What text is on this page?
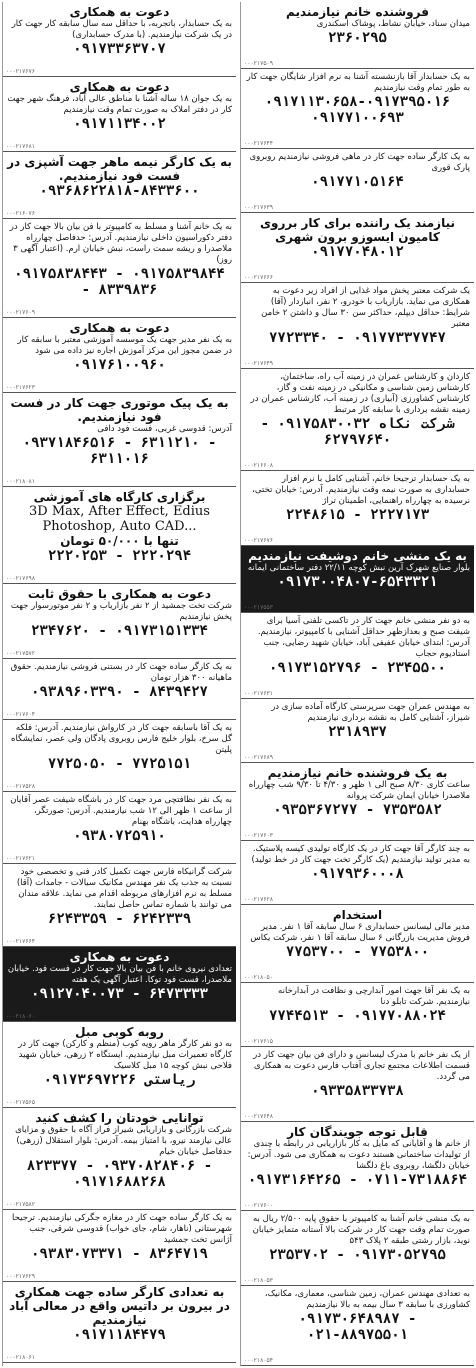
فروشنده خانم نیازمندیم
میدان سناد، خیابان نشاط، پوشاک اسکندری
۲۳۶۰۲۹۵
۰۰۰۲۱۷۵۰۹
به یک حسابدار آقا بازنشسته آشنا به نرم افزار شایگان جهت کار به طور تمام وقت نیازمندیم
۰۹۱۷۱۱۳۰۶۵۸-۰۹۱۷۳۹۵۰۱۶ ۰۹۱۷۷۱۰۰۶۹۳
۰۰۰۲۱۷۶۴۴
به یک کارگر ساده جهت کار در ماهی فروشی نیازمندیم روبروی پارک قوری
۰۹۱۷۷۱۰۵۱۶۴
۰۰۰۲۱۷۶۳۹
نیازمند یک راننده برای کار برروی کامیون ایسوزو برون شهری
۰۹۱۷۷۰۴۸۰۱۲
۰۰۰۲۱۷۶۶۶
یک شرکت معتبر پخش مواد غذایی از افراد زیر دعوت به همکاری می نماید. بازاریاب با خودرو، ۲ نفر، انباردار (آقا) شرایط: حداقل دیپلم، حداکثر سن ۳۰ سال و داشتن ۲ خامن معتبر
۷۷۲۳۳۴۰ - ۰۹۱۷۷۳۳۷۷۴۷
۰۰۰۲۱۷۶۴۹
کاردان و کارشناس عمران در زمینه آب راه، ساختمان، کارشناس زمین شناسی و مکانیکی در زمینه نفت و گاز، کارشناس کشاورزی (آبیاری) در زمینه آب، کارشناس عمران در زمینه نقشه برداری با سابقه کار مرتبط
شرکت نکاه ۰۹۱۷۵۸۳۰۰۳۲ - ۶۲۷۹۷۶۴۰
۰۰۰۲۱۶۶۰۸
به یک حسابدار ترجیحا خانم، آشنایی کامل با نرم افزار حسابداری به صورت نیمه وقت نیازمندیم. آدرس: خیابان تختی، نرسیده به چهارراه راهنمایی، اطمینان تراژ
۲۲۴۸۶۱۵ - ۲۲۲۷۱۷۳
۰۰۰۲۱۷۶۷۶
به یک منشی خانم دوشیفت نیازمندیم
بلوار صنایع شهرک آرین نبش کوچه ۲۲/۱۱ دفتر ساختمانی ایمانه
۰۹۱۷۳۰۰۴۸۰۷-۶۵۴۳۳۲۱
۰۰۰۲۱۷۵۵۳
به دو نفر منشی خانم جهت کار در تاکسی تلفنی آسیا برای شیفت صبح و بعدازظهر حداقل آشنایی با کامپیوتر، نیازمندیم. آدرس: ابتدای خیابان عفیفی آباد، خیابان شهید رضایی، جنب استادیوم حجاب
۰۹۱۷۳۱۵۲۷۹۶ - ۲۳۴۵۵۰۰
۰۰۰۲۱۷۶۳۱
به مهندس عمران جهت سرپرستی کارگاه آماده سازی در شیراز، آشنایی کامل به نقشه برداری نیازمندیم
۲۳۱۸۹۳۷
۰۰۰۲۱۷۶۸۹
به یک فروشنده خانم نیازمندیم
ساعت کاری ۸/۳۰ صبح الی ۱ ظهر و ۴/۳۰ تا ۹/۳۰ شب چهارراه ملاصدرا خیابان ایمان شرکت پروانه
۰۹۳۵۳۶۷۲۷۷ - ۷۳۵۳۵۸۲
۰۰۰۲۱۷۶۰۳
به چند کارگر آقا جهت کار در یک کارگاه تولیدی کیسه پلاستیک. به مدیر تولید نیازمندیم (یک کارگر تخت جهت کار در خط تولید)
۰۹۱۷۹۳۶۰۰۰۸
۰۰۰۲۱۷۶۲۸
استخدام
مدیر مالی لیسانس حسابداری ۶ سال سابقه آقا ۱ نفر. مدیر فروش مدیریت بازرگانی ۶ سال سابقه آقا ۱ نفر، شرکت یکاس
۷۷۵۳۷۰۰ - ۷۷۵۳۸۰۰
۰۰۰۲۱۸۰۵۰
به یک نفر آقا جهت امور آبدارچی و نظافت در آبدارخانه نیازمندیم. شرکت تابلو دنا
۷۷۴۴۵۱۳ - ۰۹۱۷۷۰۸۸۰۲۴
۰۰۰۲۱۷۶۱۵
از یک نفر خانم با مدرک لیسانس و دارای فن بیان جهت کار در قسمت اطلاعات مجتمع تجاری آفتاب فارس دعوت به همکاری می گردد.
۰۹۳۳۵۸۳۳۷۳۸
۰۰۰۲۱۷۶۴۸
قابل توجه جویندگان کار
از خانم ها و آقایانی که مایل به کار بازاریابی در رابطه با چندی از تولیدات ساختمانی هستند دعوت به همکاری می شود. آدرس: خیابان دلگشا، روبروی باغ دلگشا
۰۹۱۷۳۱۶۴۲۶۵ - ۰۷۱۱-۷۳۱۸۸۶۴
۰۰۰۲۱۷۶۰۰
به یک منشی خانم آشنا به کامپیوتر با حقوق پایه ۲/۵۰۰ ریال به صورت تمام وقت جهت کار در شرکت بالا آستانه متمایز خیابان نوید، بازار رشتی طبقه ۲ پلاک ۵۴۳
۲۳۵۳۷۰۲ - ۰۹۱۷۳۰۵۲۷۹۵
۰۰۰۲۱۸۰۵۳
به تعدادی مهندس عمران، زمین شناسی، معماری، مکانیک، کشاورزی با سابقه ۳ سال بیمه به بالا نیازمندیم
۰۹۱۷۳۰۶۴۸۹۸۷ - ۰۲۱-۸۸۹۷۵۵۰۱
۰۰۰۲۱۸۰۵۴
دعوت به همکاری
به یک حسابدار، باتجربه، با حداقل سه سال سابقه کار جهت کار در یک شرکت نیازمندیم. (با مدرک حسابداری)
۰۹۱۷۳۳۶۳۷۰۷
۰۰۰۲۱۷۶۷۶
دعوت به همکاری
به یک جوان ۱۸ ساله آشنا با مناطق عالی آباد، فرهنگ شهر جهت کار در دفتر املاک به صورت تمام وقت نیازمندیم
۰۹۱۷۱۱۳۴۰۰۲
۰۰۰۲۱۷۶۸۱
به یک کارگر نیمه ماهر جهت آشپزی در فست فود نیازمندیم.
۰۹۳۶۸۶۲۲۸۱۸-۸۴۳۳۶۰۰
۰۰۰۲۱۶۰۷۶
به یک خانم آشنا و مسلط به کامپیوتر با فن بیان بالا جهت کار در دفتر دکوراسیون داخلی نیازمندیم. آدرس: حدفاصل چهارراه ملاصدرا و ریشه سمت راست، نبش خیابان ارم. (اعتبار آگهی ۳ روز)
۰۹۱۷۵۸۳۸۴۴۳ - ۰۹۱۷۵۸۳۹۸۴۴ - ۸۳۳۹۸۳۶
۰۰۰۲۱۷۶۰۹
دعوت به همکاری
به یک نفر مدیر جهت یک موسسه آموزشی معتبر با سابقه کار در ضمن مجوز این مرکز آموزش اجاره نیز داده می شود
۰۹۱۷۶۱۰۰۹۶۰
۰۰۰۲۱۷۶۲۳
به یک پیک موتوری جهت کار در فست فود نیازمندیم.
آدرس: قدوسی غربی، فست فود دافی
۰۹۳۷۱۸۴۶۵۱۶ - ۶۳۱۱۲۱۰ - ۶۳۱۱۰۱۶
۰۰۰۲۱۸۰۸۱
برگزاری کارگاه های آموزشی
3D Max, After Effect, Edius Photoshop, Auto CAD...
تنها با ۵۰/۰۰۰ تومان
۲۲۲۰۲۵۳ - ۲۲۲۰۲۹۴
۰۰۰۲۱۷۶۹۸
دعوت به همکاری با حقوق ثابت
شرکت تخت جمشید از ۲ نفر بازاریاب و ۲ نفر موتورسوار جهت پخش نیازمندیم
۲۳۴۷۶۲۰ - ۰۹۱۷۳۱۵۱۳۳۴
۰۰۰۲۱۷۵۷۲
به یک کارگر ساده جهت کار در بستنی فروشی نیازمندیم. حقوق ماهیانه ۳۰۰ هزار تومان
۰۹۳۸۹۶۰۳۳۹۰ - ۸۴۳۹۴۲۷
۰۰۰۲۱۷۶۰۴
به یک آقا باسابقه جهت کار در کارواش نیازمندیم. آدرس: فلکه گل سرخ، بلوار خلیج فارس روبروی پادگان ولی عصر، نمایشگاه پلیتن
۷۷۲۵۰۵۰ - ۷۷۲۵۱۵۱
۰۰۰۲۱۷۵۲۸
به یک نفر نظافتچی مرد جهت کار در باشگاه شیفت عصر آقایان از ساعت ۱ ظهر الی ۱۲ شب نیازمندیم. آدرس: صورتگر، چهارراه هدایت، باشگاه بهنام
۰۹۳۸۰۷۲۵۹۱۰
۰۰۰۲۱۷۶۲۱
شرکت گرانیکاه فارس جهت تکمیل کادر فنی و تخصصی خود نسبت به جذب یک نفر مهندس مکانیک سیالات - جامدات (آقا) مسلط به نرم افزارهای مربوطه اقدام می نماید. علاقه مندان می توانند با شماره تماس حاصل نمایند.
۶۲۴۳۳۵۹ - ۶۲۴۲۳۳۹
۰۰۰۲۱۷۶۶۴
دعوت به همکاری
تعدادی نیروی خانم با فن بیان بالا جهت کار در فست فود. خیابان ملاصدرا، فست فود توکا. اعتبار آگهی یک هفته
۰۹۱۲۷۰۴۰۰۷۳ - ۶۴۷۳۳۳۳
۰۰۰۲۱۸۰۶۰
روبه کوبی مبل
به دو نفر کارگر ماهر رویه کوب (منظم و کارکن) جهت کار در کارگاه تعمیرات مبل نیازمندیم. ایستگاه ۲ زرهی، خیابان شهید فلاحی نبش کوچه ۱۵ مبل کلاسیک
ریاستی ۰۹۱۷۳۶۹۷۲۲۶
۰۰۰۲۱۷۵۶۵
توانایی خودتان را کشف کنید
شرکت بازرگانی و بازاریابی شیراز فراز آگاه با حقوق و مزایای عالی نیازمند نیرو، با امتیاز بیمه. آدرس: بلوار استقلال (زرهی) حدفاصل خیابان خیام
۸۲۳۳۷۷ - ۰۹۳۷۰۸۲۸۴۰۶ - ۰۹۱۷۱۶۸۸۲۶۸
۰۰۰۲۱۷۵۸۲
به یک کارگر ساده جهت کار در مغازه جگرکی نیازمندیم. ترجیحا شهرستانی (ناهار، شام، جای خواب) قدوسی شرقی، جنب آژانس تخت جمشید
۰۹۳۸۳۰۷۳۳۷۱ - ۸۳۶۴۷۱۹
۰۰۰۲۱۷۶۲۹
به تعدادی کارگر ساده جهت همکاری در بیرون بر داتیس واقع در معالی آباد نیازمندیم
۰۹۱۷۱۱۸۴۴۷۹
۰۰۰۲۱۸۰۶۱
